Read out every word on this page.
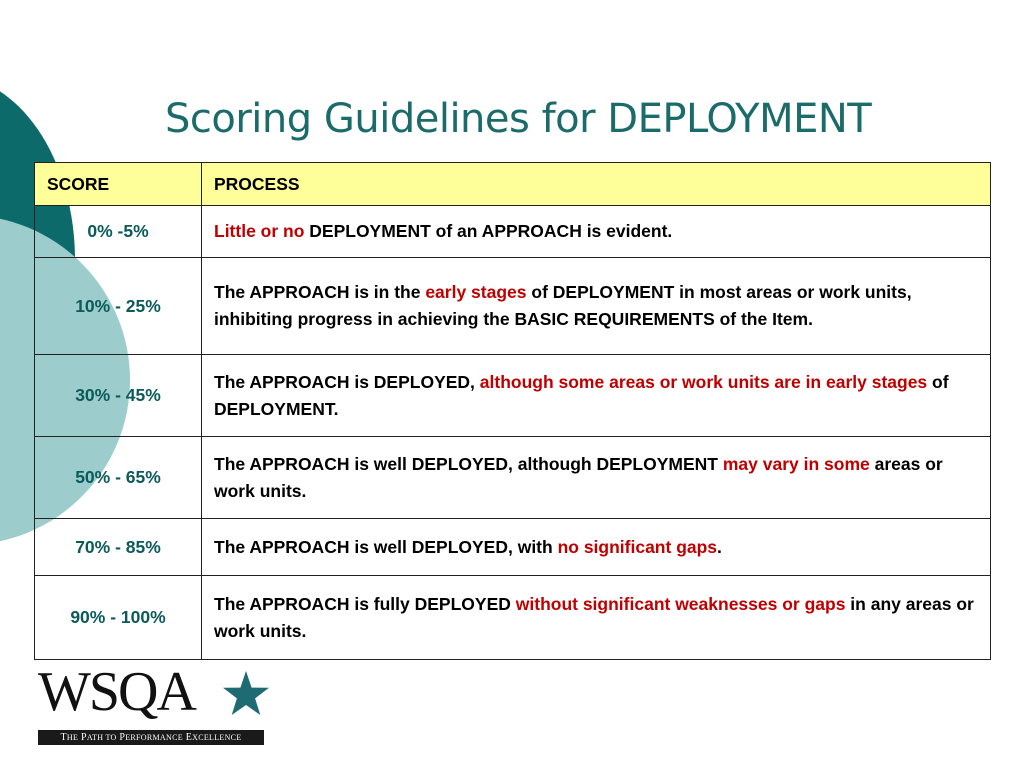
Scoring Guidelines for DEPLOYMENT
SCORE	PROCESS
0% -5%	Little or no DEPLOYMENT of an APPROACH is evident.
10% - 25%	The APPROACH is in the early stages of DEPLOYMENT in most areas or work units, inhibiting progress in achieving the BASIC REQUIREMENTS of the Item.
30% - 45%	The APPROACH is DEPLOYED, although some areas or work units are in early stages of DEPLOYMENT.
50% - 65%	The APPROACH is well DEPLOYED, although DEPLOYMENT may vary in some areas or work units.
70% - 85%	The APPROACH is well DEPLOYED, with no significant gaps.
90% - 100%	The APPROACH is fully DEPLOYED without significant weaknesses or gaps in any areas or work units.
WSQA
THE PATH TO PERFORMANCE EXCELLENCE
